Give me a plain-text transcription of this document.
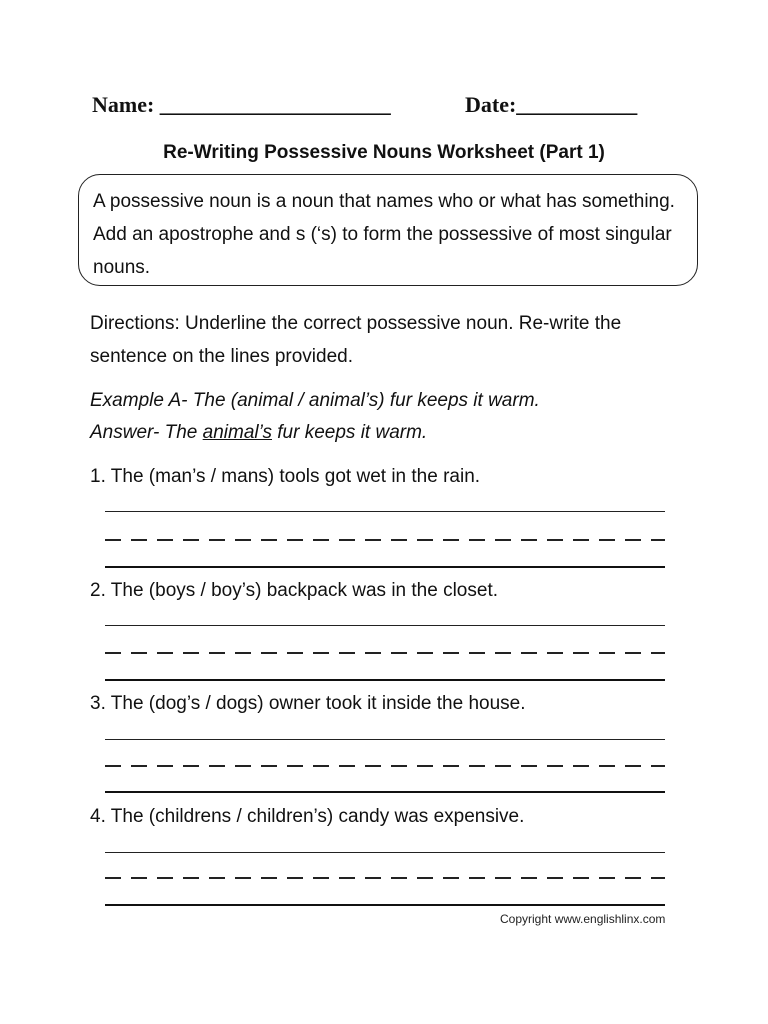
Name: _____________________	Date:___________
Re-Writing Possessive Nouns Worksheet (Part 1)
A possessive noun is a noun that names who or what has something. Add an apostrophe and s (‘s) to form the possessive of most singular nouns.
Directions: Underline the correct possessive noun. Re-write the sentence on the lines provided.
Example A- The (animal / animal’s) fur keeps it warm.
Answer- The animal’s fur keeps it warm.
1. The (man’s / mans) tools got wet in the rain.
2. The (boys / boy’s) backpack was in the closet.
3. The (dog’s / dogs) owner took it inside the house.
4. The (childrens / children’s) candy was expensive.
Copyright www.englishlinx.com
